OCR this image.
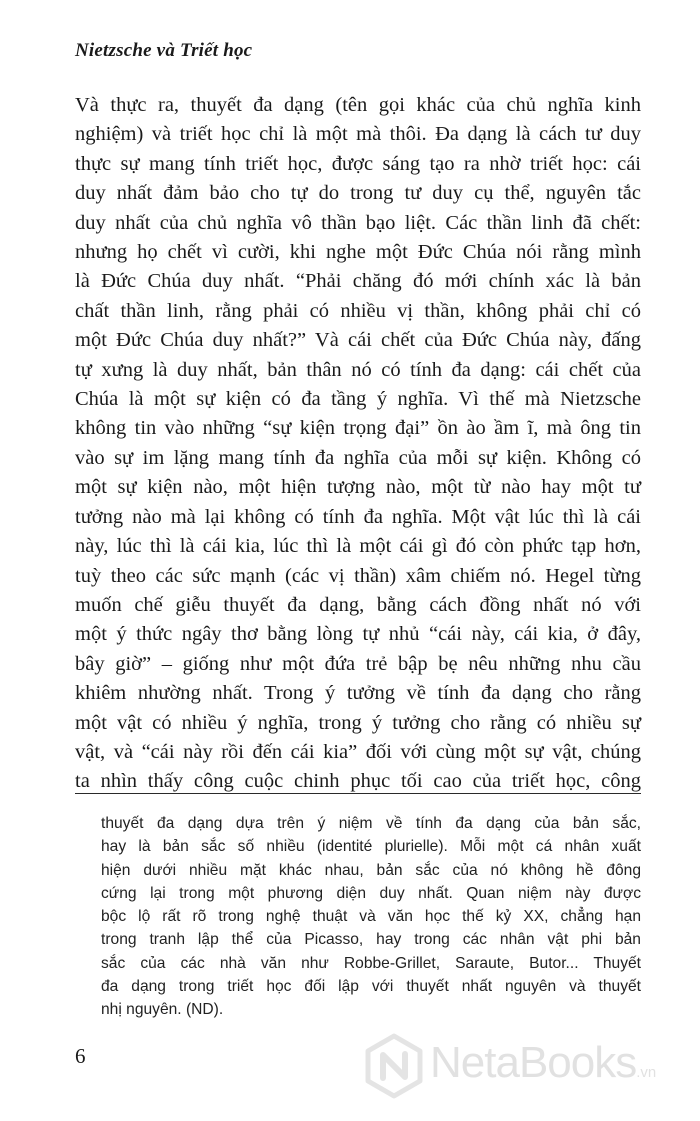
Nietzsche và Triết học
Và thực ra, thuyết đa dạng (tên gọi khác của chủ nghĩa kinh
nghiệm) và triết học chỉ là một mà thôi. Đa dạng là cách tư duy
thực sự mang tính triết học, được sáng tạo ra nhờ triết học: cái
duy nhất đảm bảo cho tự do trong tư duy cụ thể, nguyên tắc
duy nhất của chủ nghĩa vô thần bạo liệt. Các thần linh đã chết:
nhưng họ chết vì cười, khi nghe một Đức Chúa nói rằng mình
là Đức Chúa duy nhất. “Phải chăng đó mới chính xác là bản
chất thần linh, rằng phải có nhiều vị thần, không phải chỉ có
một Đức Chúa duy nhất?” Và cái chết của Đức Chúa này, đấng
tự xưng là duy nhất, bản thân nó có tính đa dạng: cái chết của
Chúa là một sự kiện có đa tầng ý nghĩa. Vì thế mà Nietzsche
không tin vào những “sự kiện trọng đại” ồn ào ầm ĩ, mà ông tin
vào sự im lặng mang tính đa nghĩa của mỗi sự kiện. Không có
một sự kiện nào, một hiện tượng nào, một từ nào hay một tư
tưởng nào mà lại không có tính đa nghĩa. Một vật lúc thì là cái
này, lúc thì là cái kia, lúc thì là một cái gì đó còn phức tạp hơn,
tuỳ theo các sức mạnh (các vị thần) xâm chiếm nó. Hegel từng
muốn chế giễu thuyết đa dạng, bằng cách đồng nhất nó với
một ý thức ngây thơ bằng lòng tự nhủ “cái này, cái kia, ở đây,
bây giờ” – giống như một đứa trẻ bập bẹ nêu những nhu cầu
khiêm nhường nhất. Trong ý tưởng về tính đa dạng cho rằng
một vật có nhiều ý nghĩa, trong ý tưởng cho rằng có nhiều sự
vật, và “cái này rồi đến cái kia” đối với cùng một sự vật, chúng
ta nhìn thấy công cuộc chinh phục tối cao của triết học, công
thuyết đa dạng dựa trên ý niệm về tính đa dạng của bản sắc,
hay là bản sắc số nhiều (identité plurielle). Mỗi một cá nhân xuất
hiện dưới nhiều mặt khác nhau, bản sắc của nó không hề đông
cứng lại trong một phương diện duy nhất. Quan niệm này được
bộc lộ rất rõ trong nghệ thuật và văn học thế kỷ XX, chẳng hạn
trong tranh lập thể của Picasso, hay trong các nhân vật phi bản
sắc của các nhà văn như Robbe-Grillet, Saraute, Butor... Thuyết
đa dạng trong triết học đối lập với thuyết nhất nguyên và thuyết
nhị nguyên. (ND).
6	NetaBooks.vn
